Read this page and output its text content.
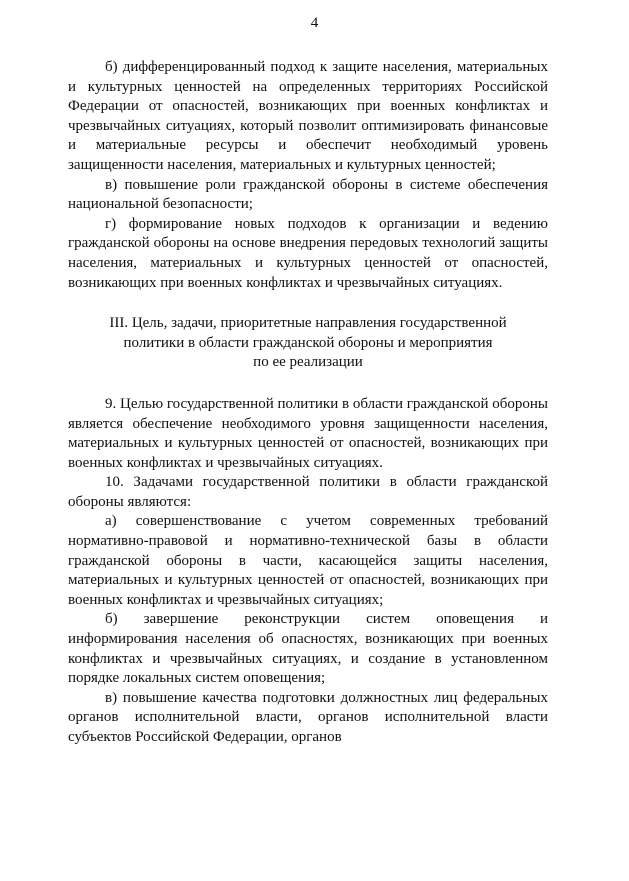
4

б) дифференцированный подход к защите населения, материальных и культурных ценностей на определенных территориях Российской Федерации от опасностей, возникающих при военных конфликтах и чрезвычайных ситуациях, который позволит оптимизировать финансовые и материальные ресурсы и обеспечит необходимый уровень защищенности населения, материальных и культурных ценностей;

в) повышение роли гражданской обороны в системе обеспечения национальной безопасности;

г) формирование новых подходов к организации и ведению гражданской обороны на основе внедрения передовых технологий защиты населения, материальных и культурных ценностей от опасностей, возникающих при военных конфликтах и чрезвычайных ситуациях.

III. Цель, задачи, приоритетные направления государственной
политики в области гражданской обороны и мероприятия
по ее реализации

9. Целью государственной политики в области гражданской обороны является обеспечение необходимого уровня защищенности населения, материальных и культурных ценностей от опасностей, возникающих при военных конфликтах и чрезвычайных ситуациях.

10. Задачами государственной политики в области гражданской обороны являются:

а) совершенствование с учетом современных требований нормативно-правовой и нормативно-технической базы в области гражданской обороны в части, касающейся защиты населения, материальных и культурных ценностей от опасностей, возникающих при военных конфликтах и чрезвычайных ситуациях;

б) завершение реконструкции систем оповещения и информирования населения об опасностях, возникающих при военных конфликтах и чрезвычайных ситуациях, и создание в установленном порядке локальных систем оповещения;

в) повышение качества подготовки должностных лиц федеральных органов исполнительной власти, органов исполнительной власти субъектов Российской Федерации, органов
